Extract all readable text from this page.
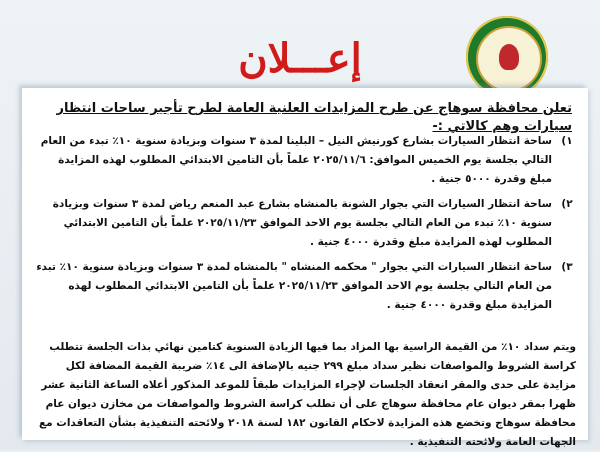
إعـــلان
تعلن محافظة سوهاج عن طرح المزايدات العلنية العامة لطرح تأجير ساحات انتظار سيارات وهم كالاتي :-
١)
ساحة انتظار السيارات بشارع كورنيش النيل – البلينا لمدة ٣ سنوات وبزيادة سنوية ١٠٪ تبدء من العام التالي بجلسة يوم الخميس الموافق: ٢٠٢٥/١١/٦ علماً بأن التامين الابتدائي المطلوب لهذه المزايدة مبلغ وقدرة ٥٠٠٠ جنية .
٢)
ساحة انتظار السيارات التي بجوار الشونة بالمنشاه بشارع عبد المنعم رياض لمدة ٣ سنوات وبزيادة سنوية ١٠٪ تبدء من العام التالي بجلسة يوم الاحد الموافق ٢٠٢٥/١١/٢٣ علماً بأن التامين الابتدائي المطلوب لهذه المزايدة مبلغ وقدرة ٤٠٠٠ جنية .
٣)
ساحة انتظار السيارات التي بجوار " محكمه المنشاه " بالمنشاه لمدة ٣ سنوات وبزيادة سنوية ١٠٪ تبدء من العام التالي بجلسة يوم الاحد الموافق ٢٠٢٥/١١/٢٣ علماً بأن التامين الابتدائي المطلوب لهذه المزايدة مبلغ وقدرة ٤٠٠٠ جنية .
ويتم سداد ١٠٪ من القيمة الراسية بها المزاد بما فيها الزيادة السنوية كتامين نهائي بذات الجلسة تتطلب كراسة الشروط والمواصفات نظير سداد مبلغ ٢٩٩ جنيه بالإضافة الى ١٤٪ ضريبة القيمة المضافة لكل مزايدة على حدى والمقر انعقاد الجلسات لإجراء المزايدات طبقاً للموعد المذكور أعلاه الساعة الثانية عشر ظهرا بمقر ديوان عام محافظة سوهاج على أن تطلب كراسة الشروط والمواصفات من مخازن ديوان عام محافظة سوهاج وتخضع هذه المزايدة لاحكام القانون ١٨٢ لسنة ٢٠١٨ ولائحته التنفيذية بشأن التعاقدات مع الجهات العامة ولائحته التنفيذية .
